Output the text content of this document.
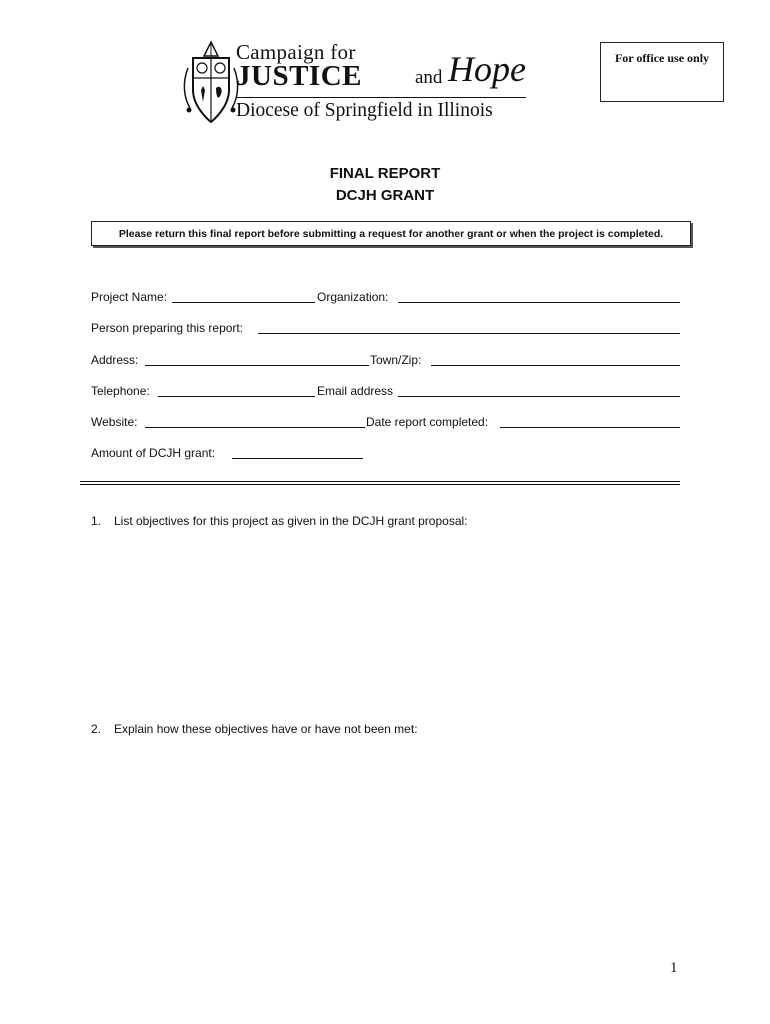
Campaign for
JUSTICE	and Hope
Diocese of Springfield in Illinois
For office use only
FINAL REPORT
DCJH GRANT
Please return this final report before submitting a request for another grant or when the project is completed.
Project Name:	Organization:
Person preparing this report:
Address:	Town/Zip:
Telephone:	Email address
Website:	Date report completed:
Amount of DCJH grant:
1. List objectives for this project as given in the DCJH grant proposal:
2. Explain how these objectives have or have not been met:
1
